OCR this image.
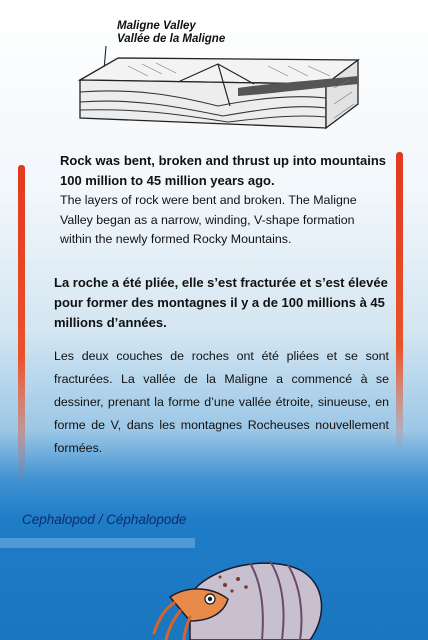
Maligne Valley
Vallée de la Maligne
Rock was bent, broken and thrust up into mountains 100 million to 45 million years ago.
The layers of rock were bent and broken. The Maligne Valley began as a narrow, winding, V-shape formation within the newly formed Rocky Mountains.
La roche a été pliée, elle s’est fracturée et s’est élevée pour former des montagnes il y a de 100 millions à 45 millions d’années.
Les deux couches de roches ont été pliées et se sont fracturées. La vallée de la Maligne a commencé à se dessiner, prenant la forme d’une vallée étroite, sinueuse, en forme de V, dans les montagnes Rocheuses nouvellement formées.
Cephalopod / Céphalopode
